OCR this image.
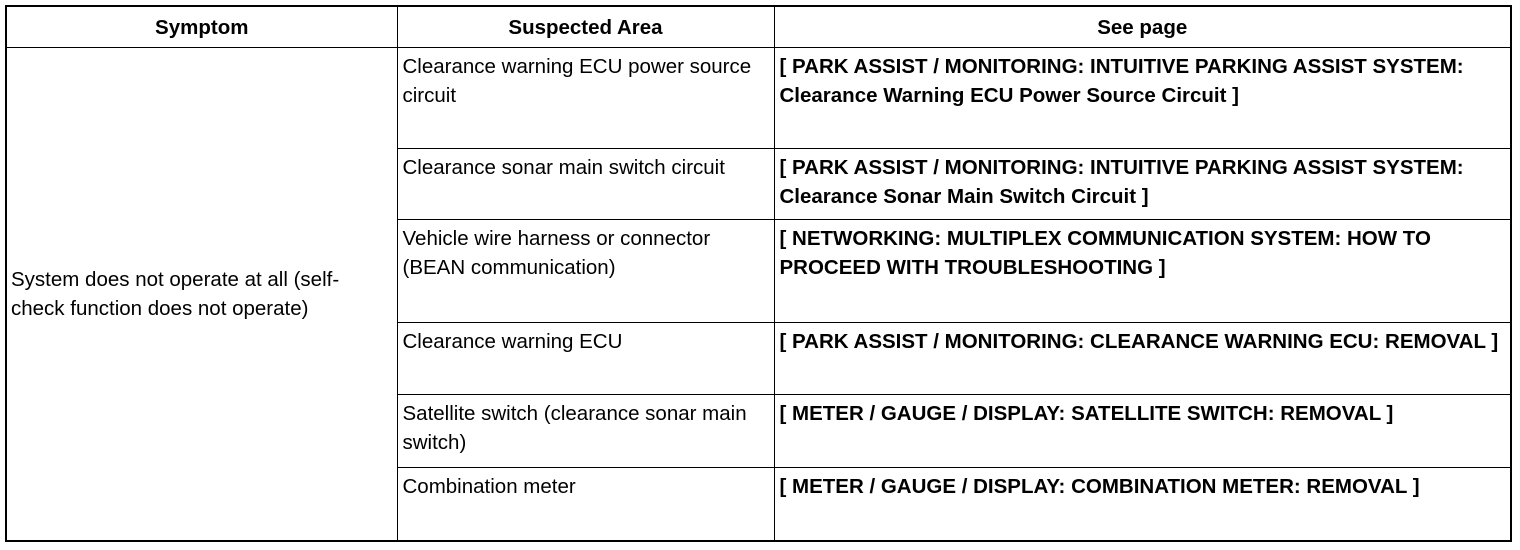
Symptom	Suspected Area	See page
System does not operate at all (self-check function does not operate)	Clearance warning ECU power source circuit	[ PARK ASSIST / MONITORING: INTUITIVE PARKING ASSIST SYSTEM: Clearance Warning ECU Power Source Circuit ]
	Clearance sonar main switch circuit	[ PARK ASSIST / MONITORING: INTUITIVE PARKING ASSIST SYSTEM: Clearance Sonar Main Switch Circuit ]
	Vehicle wire harness or connector (BEAN communication)	[ NETWORKING: MULTIPLEX COMMUNICATION SYSTEM: HOW TO PROCEED WITH TROUBLESHOOTING ]
	Clearance warning ECU	[ PARK ASSIST / MONITORING: CLEARANCE WARNING ECU: REMOVAL ]
	Satellite switch (clearance sonar main switch)	[ METER / GAUGE / DISPLAY: SATELLITE SWITCH: REMOVAL ]
	Combination meter	[ METER / GAUGE / DISPLAY: COMBINATION METER: REMOVAL ]
